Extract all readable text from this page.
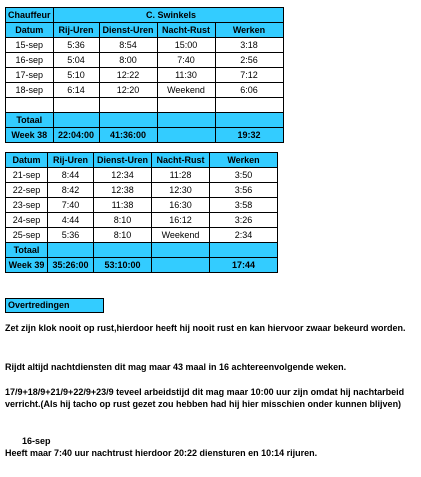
Chauffeur	C. Swinkels			
Datum	Rij-Uren	Dienst-Uren	Nacht-Rust	Werken
15-sep	5:36	8:54	15:00	3:18
16-sep	5:04	8:00	7:40	2:56
17-sep	5:10	12:22	11:30	7:12
18-sep	6:14	12:20	Weekend	6:06

Totaal				
Week 38	22:04:00	41:36:00		19:32
Datum	Rij-Uren	Dienst-Uren	Nacht-Rust	Werken
21-sep	8:44	12:34	11:28	3:50
22-sep	8:42	12:38	12:30	3:56
23-sep	7:40	11:38	16:30	3:58
24-sep	4:44	8:10	16:12	3:26
25-sep	5:36	8:10	Weekend	2:34
Totaal				
Week 39	35:26:00	53:10:00		17:44
Overtredingen
Zet zijn klok nooit op rust,hierdoor heeft hij nooit rust en kan hiervoor zwaar bekeurd worden.
Rijdt altijd nachtdiensten dit mag maar 43 maal in 16 achtereenvolgende weken.
17/9+18/9+21/9+22/9+23/9 teveel arbeidstijd dit mag maar 10:00 uur zijn omdat hij nachtarbeid verricht.(Als hij tacho op rust gezet zou hebben had hij hier misschien onder kunnen blijven)
16-sep
Heeft maar 7:40 uur nachtrust hierdoor 20:22 diensturen en 10:14 rijuren.
